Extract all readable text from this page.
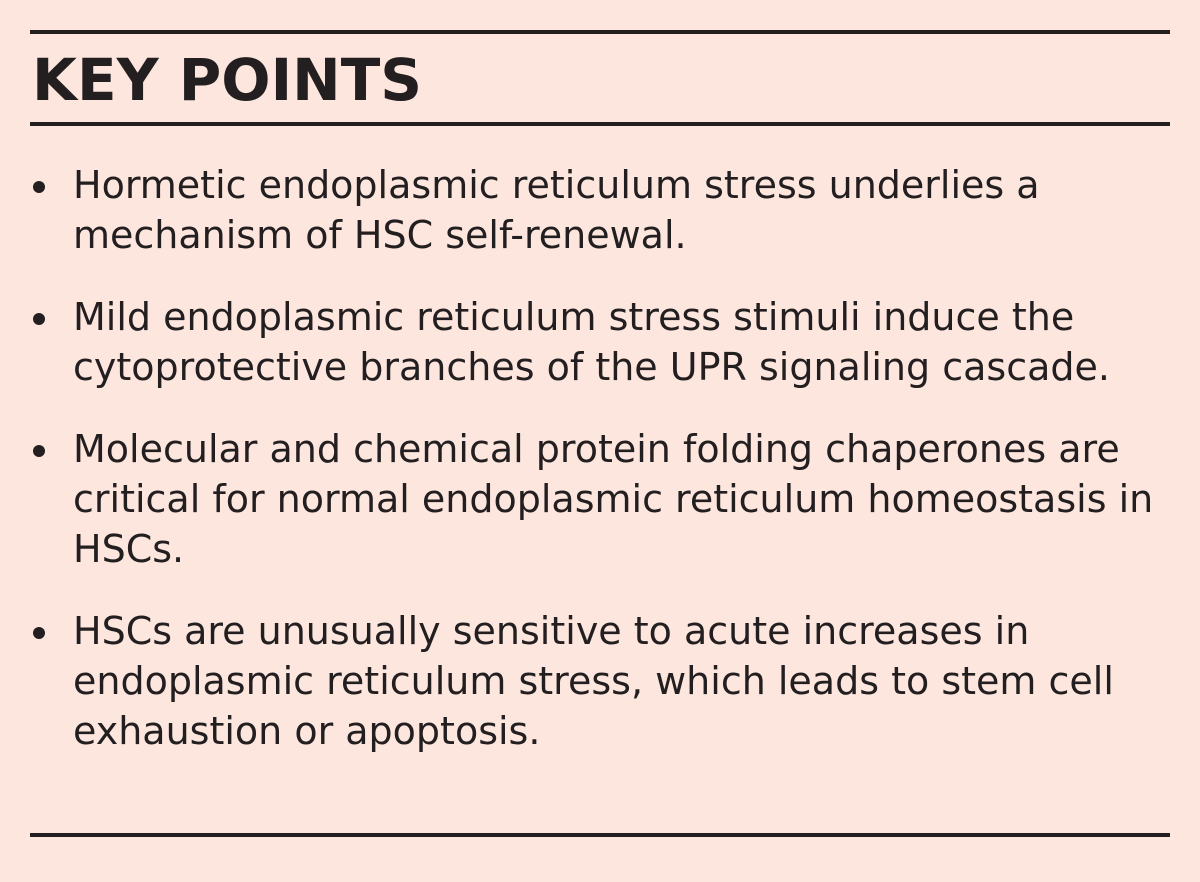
KEY POINTS
Hormetic endoplasmic reticulum stress underlies a mechanism of HSC self-renewal.
Mild endoplasmic reticulum stress stimuli induce the cytoprotective branches of the UPR signaling cascade.
Molecular and chemical protein folding chaperones are critical for normal endoplasmic reticulum homeostasis in HSCs.
HSCs are unusually sensitive to acute increases in endoplasmic reticulum stress, which leads to stem cell exhaustion or apoptosis.
